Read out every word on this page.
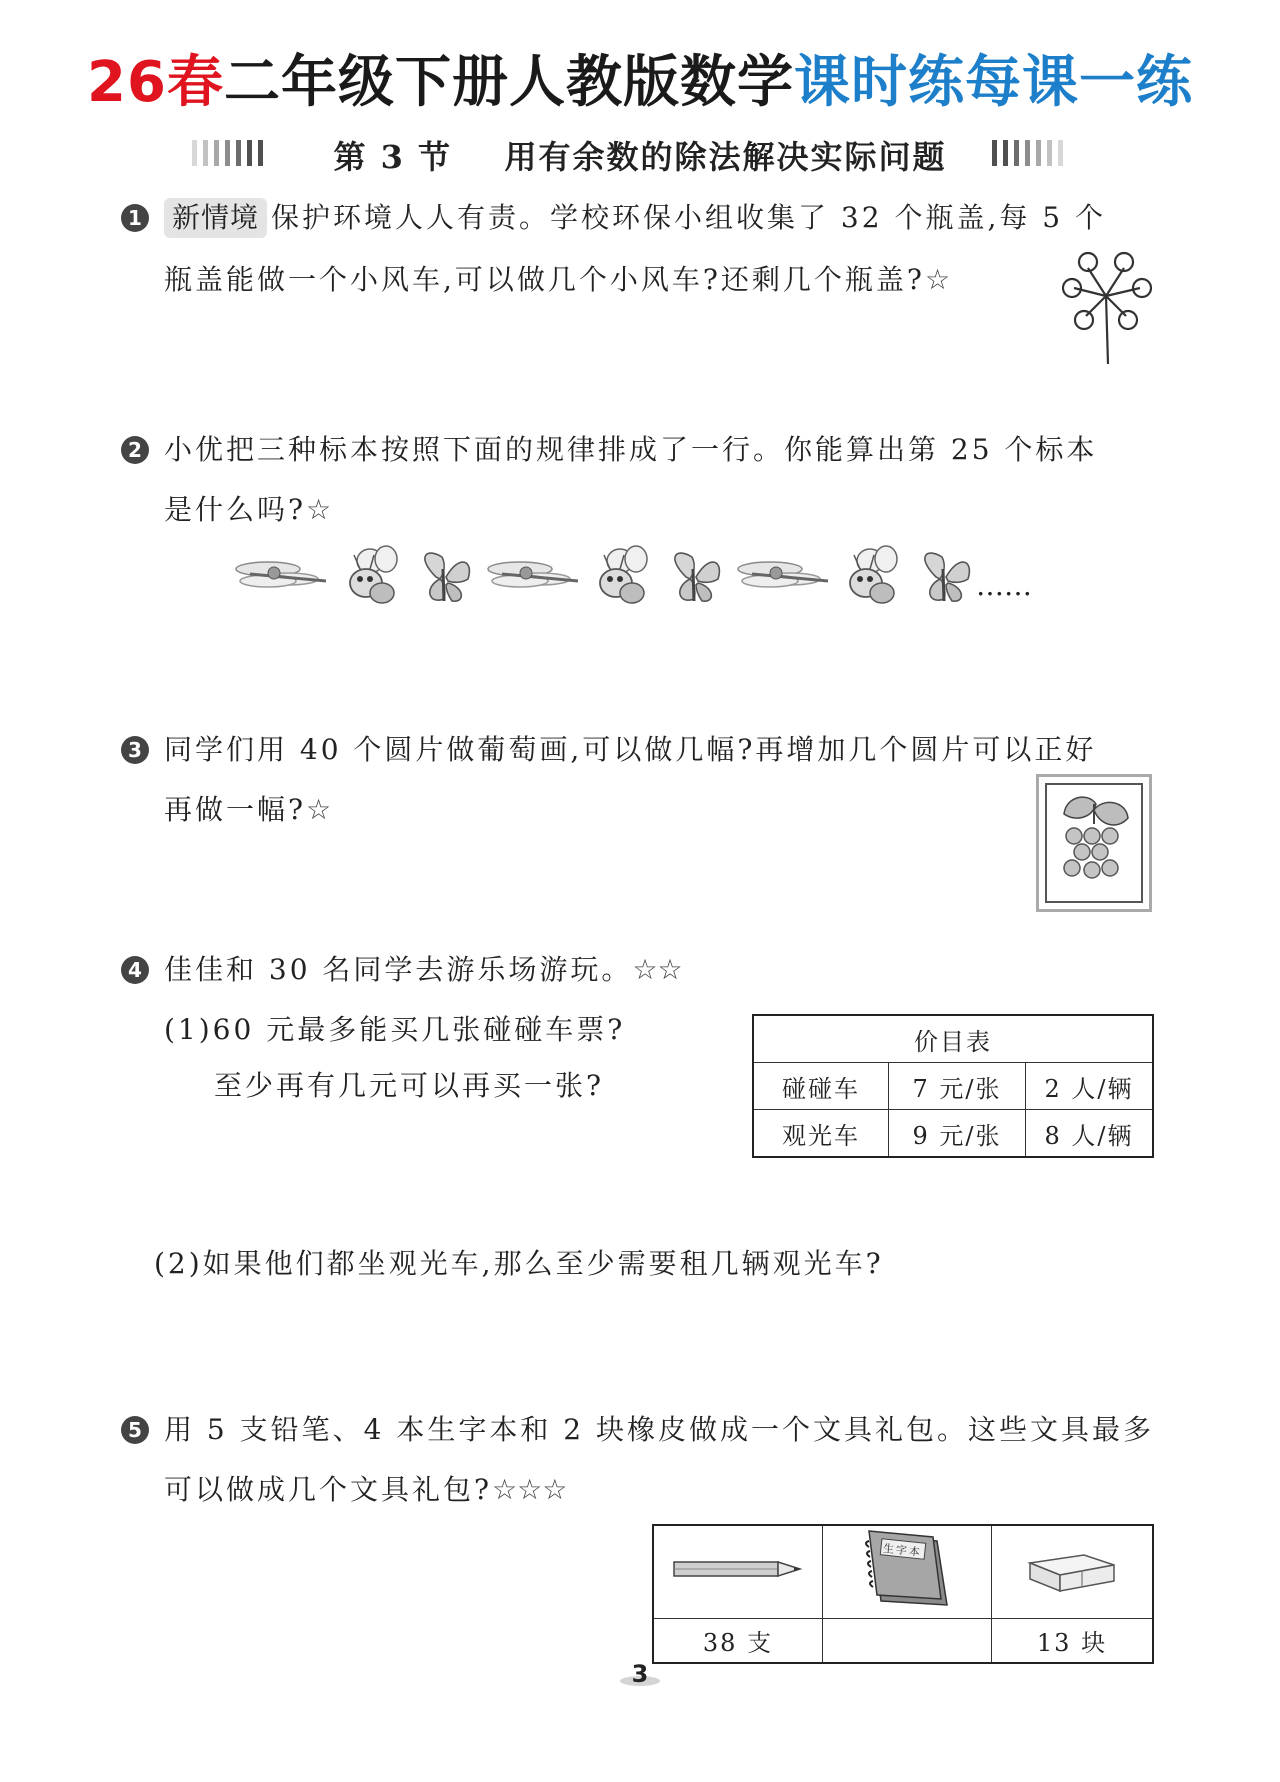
26春二年级下册人教版数学课时练每课一练
第 3 节    用有余数的除法解决实际问题
1 新情境 保护环境人人有责。学校环保小组收集了 32 个瓶盖,每 5 个
瓶盖能做一个小风车,可以做几个小风车?还剩几个瓶盖?☆
2 小优把三种标本按照下面的规律排成了一行。你能算出第 25 个标本
是什么吗?☆
……
3 同学们用 40 个圆片做葡萄画,可以做几幅?再增加几个圆片可以正好
再做一幅?☆
4 佳佳和 30 名同学去游乐场游玩。☆☆
(1)60 元最多能买几张碰碰车票?
至少再有几元可以再买一张?
价目表		
碰碰车	7 元/张	2 人/辆
观光车	9 元/张	8 人/辆
(2)如果他们都坐观光车,那么至少需要租几辆观光车?
5 用 5 支铅笔、4 本生字本和 2 块橡皮做成一个文具礼包。这些文具最多
可以做成几个文具礼包?☆☆☆

生字本

38 支		13 块
3
